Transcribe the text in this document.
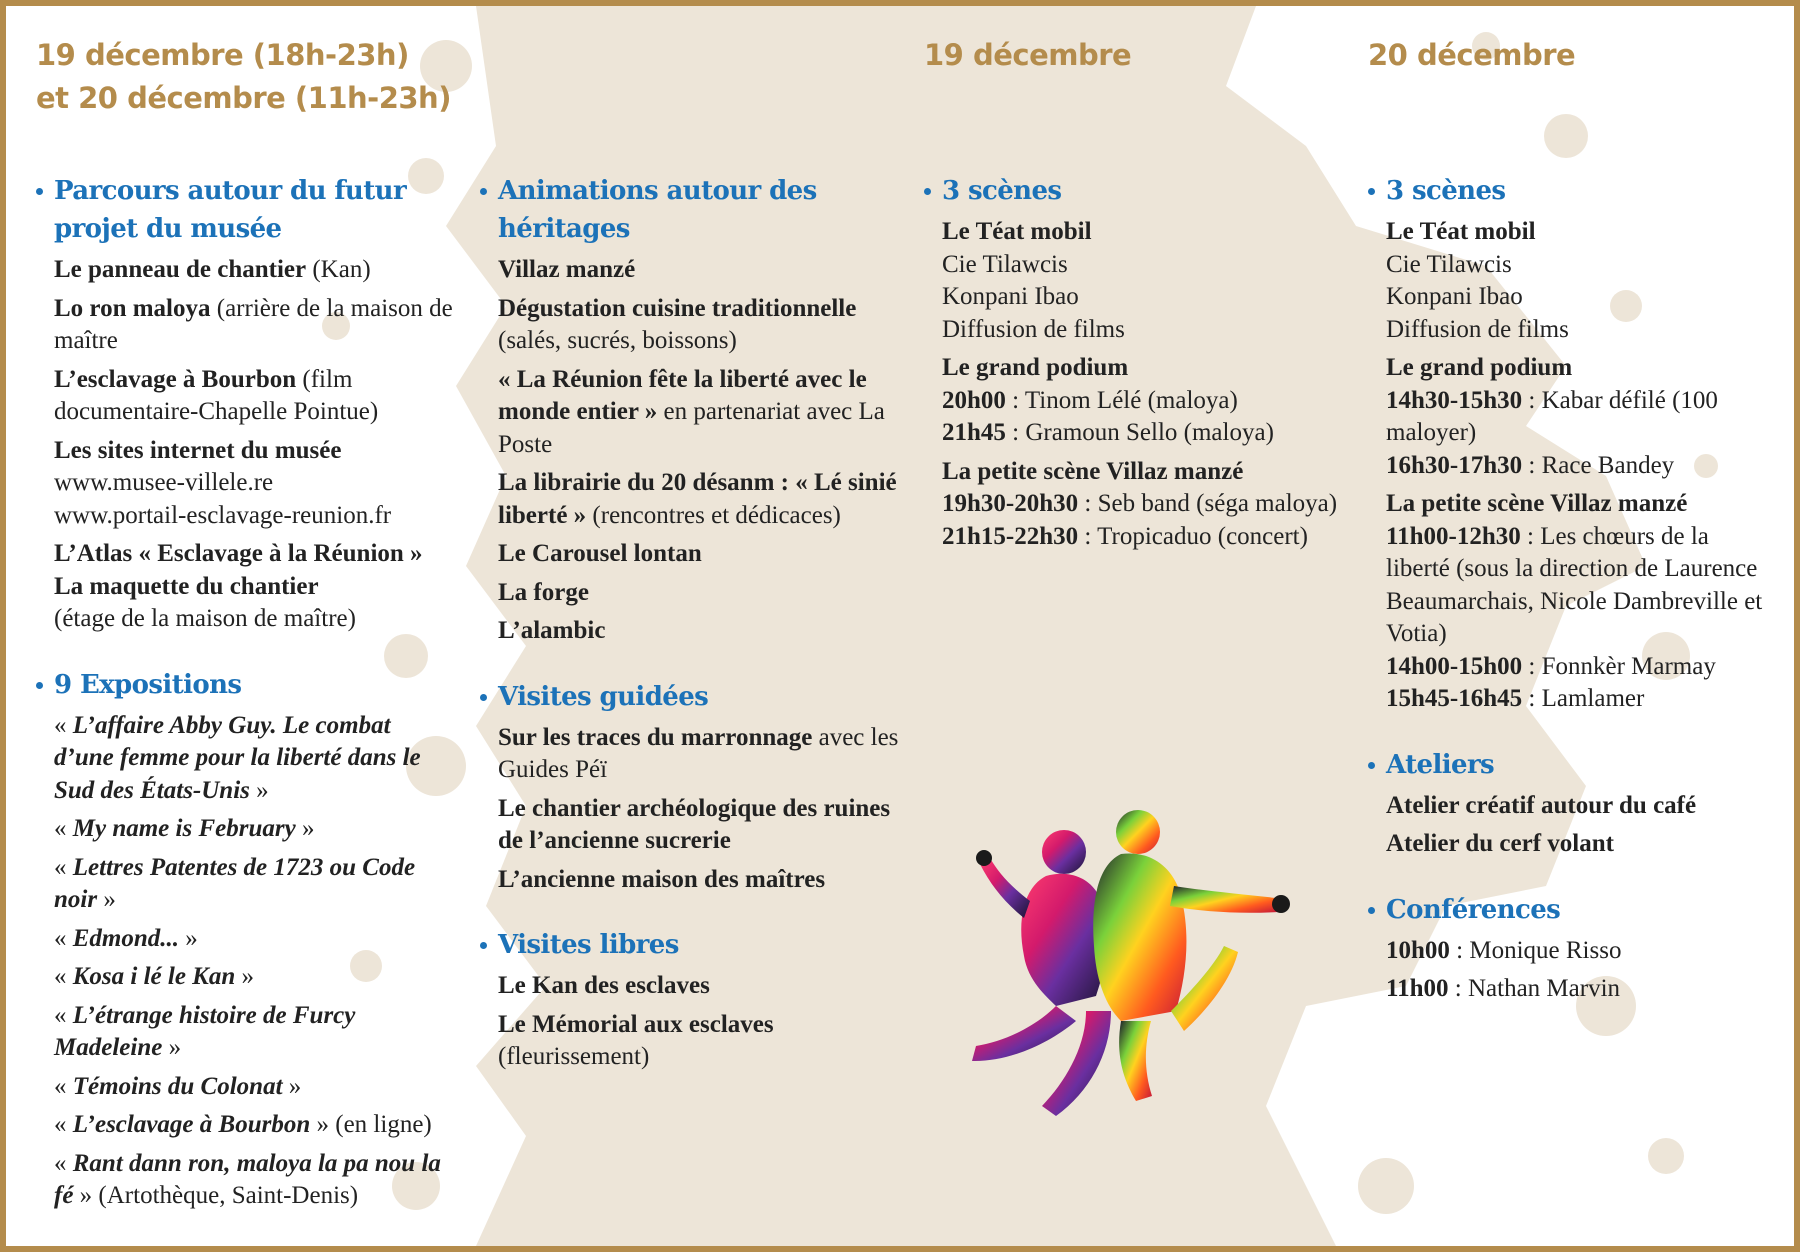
19 décembre (18h-23h)
et 20 décembre (11h-23h)
Parcours autour du futur projet du musée
Le panneau de chantier (Kan)
Lo ron maloya (arrière de la maison de maître
L’esclavage à Bourbon (film documentaire-Chapelle Pointue)
Les sites internet du musée
www.musee-villele.re
www.portail-esclavage-reunion.fr
L’Atlas « Esclavage à la Réunion »
La maquette du chantier
(étage de la maison de maître)
9 Expositions
« L’affaire Abby Guy. Le combat d’une femme pour la liberté dans le Sud des États-Unis »
« My name is February »
« Lettres Patentes de 1723 ou Code noir »
« Edmond... »
« Kosa i lé le Kan »
« L’étrange histoire de Furcy Madeleine »
« Témoins du Colonat »
« L’esclavage à Bourbon » (en ligne)
« Rant dann ron, maloya la pa nou la fé » (Artothèque, Saint-Denis)
Animations autour des héritages
Villaz manzé
Dégustation cuisine traditionnelle (salés, sucrés, boissons)
« La Réunion fête la liberté avec le monde entier » en partenariat avec La Poste
La librairie du 20 désanm : « Lé sinié liberté » (rencontres et dédicaces)
Le Carousel lontan
La forge
L’alambic
Visites guidées
Sur les traces du marronnage avec les Guides Péï
Le chantier archéologique des ruines de l’ancienne sucrerie
L’ancienne maison des maîtres
Visites libres
Le Kan des esclaves
Le Mémorial aux esclaves
(fleurissement)
19 décembre
3 scènes
Le Téat mobil
Cie Tilawcis
Konpani Ibao
Diffusion de films
Le grand podium
20h00 : Tinom Lélé (maloya)
21h45 : Gramoun Sello (maloya)
La petite scène Villaz manzé
19h30-20h30 : Seb band (séga maloya)
21h15-22h30 : Tropicaduo (concert)
20 décembre
3 scènes
Le Téat mobil
Cie Tilawcis
Konpani Ibao
Diffusion de films
Le grand podium
14h30-15h30 : Kabar défilé (100 maloyer)
16h30-17h30 : Race Bandey
La petite scène Villaz manzé
11h00-12h30 : Les chœurs de la liberté (sous la direction de Laurence Beaumarchais, Nicole Dambreville et Votia)
14h00-15h00 : Fonnkèr Marmay
15h45-16h45 : Lamlamer
Ateliers
Atelier créatif autour du café
Atelier du cerf volant
Conférences
10h00 : Monique Risso
11h00 : Nathan Marvin
